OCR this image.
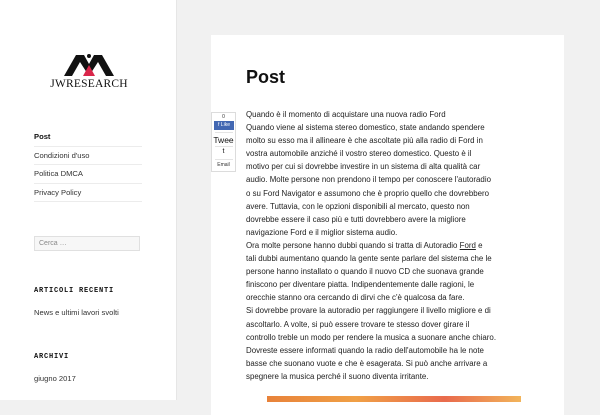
JWRESEARCH
Post
Condizioni d'uso
Politica DMCA
Privacy Policy
Cerca …
ARTICOLI RECENTI
News e ultimi lavori svolti
ARCHIVI
giugno 2017
Post

Quando è il momento di acquistare una nuova radio Ford

Quando viene al sistema stereo domestico, state andando spendere

molto su esso ma il allineare è che ascoltate più alla radio di Ford in

vostra automobile anziché il vostro stereo domestico. Questo è il

motivo per cui si dovrebbe investire in un sistema di alta qualità car

audio. Molte persone non prendono il tempo per conoscere l'autoradio

o su Ford Navigator e assumono che è proprio quello che dovrebbero

avere. Tuttavia, con le opzioni disponibili al mercato, questo non

dovrebbe essere il caso più e tutti dovrebbero avere la migliore

navigazione Ford e il miglior sistema audio.

Ora molte persone hanno dubbi quando si tratta di Autoradio Ford e

tali dubbi aumentano quando la gente sente parlare del sistema che le

persone hanno installato o quando il nuovo CD che suonava grande

finiscono per diventare piatta. Indipendentemente dalle ragioni, le

orecchie stanno ora cercando di dirvi che c'è qualcosa da fare.

Si dovrebbe provare la autoradio per raggiungere il livello migliore e di

ascoltarlo. A volte, si può essere trovare te stesso dover girare il

controllo treble un modo per rendere la musica a suonare anche chiaro.

Dovreste essere informati quando la radio dell'automobile ha le note

basse che suonano vuote e che è esagerata. Si può anche arrivare a

spegnere la musica perché il suono diventa irritante.

0
f Like
Twee
t
Email
